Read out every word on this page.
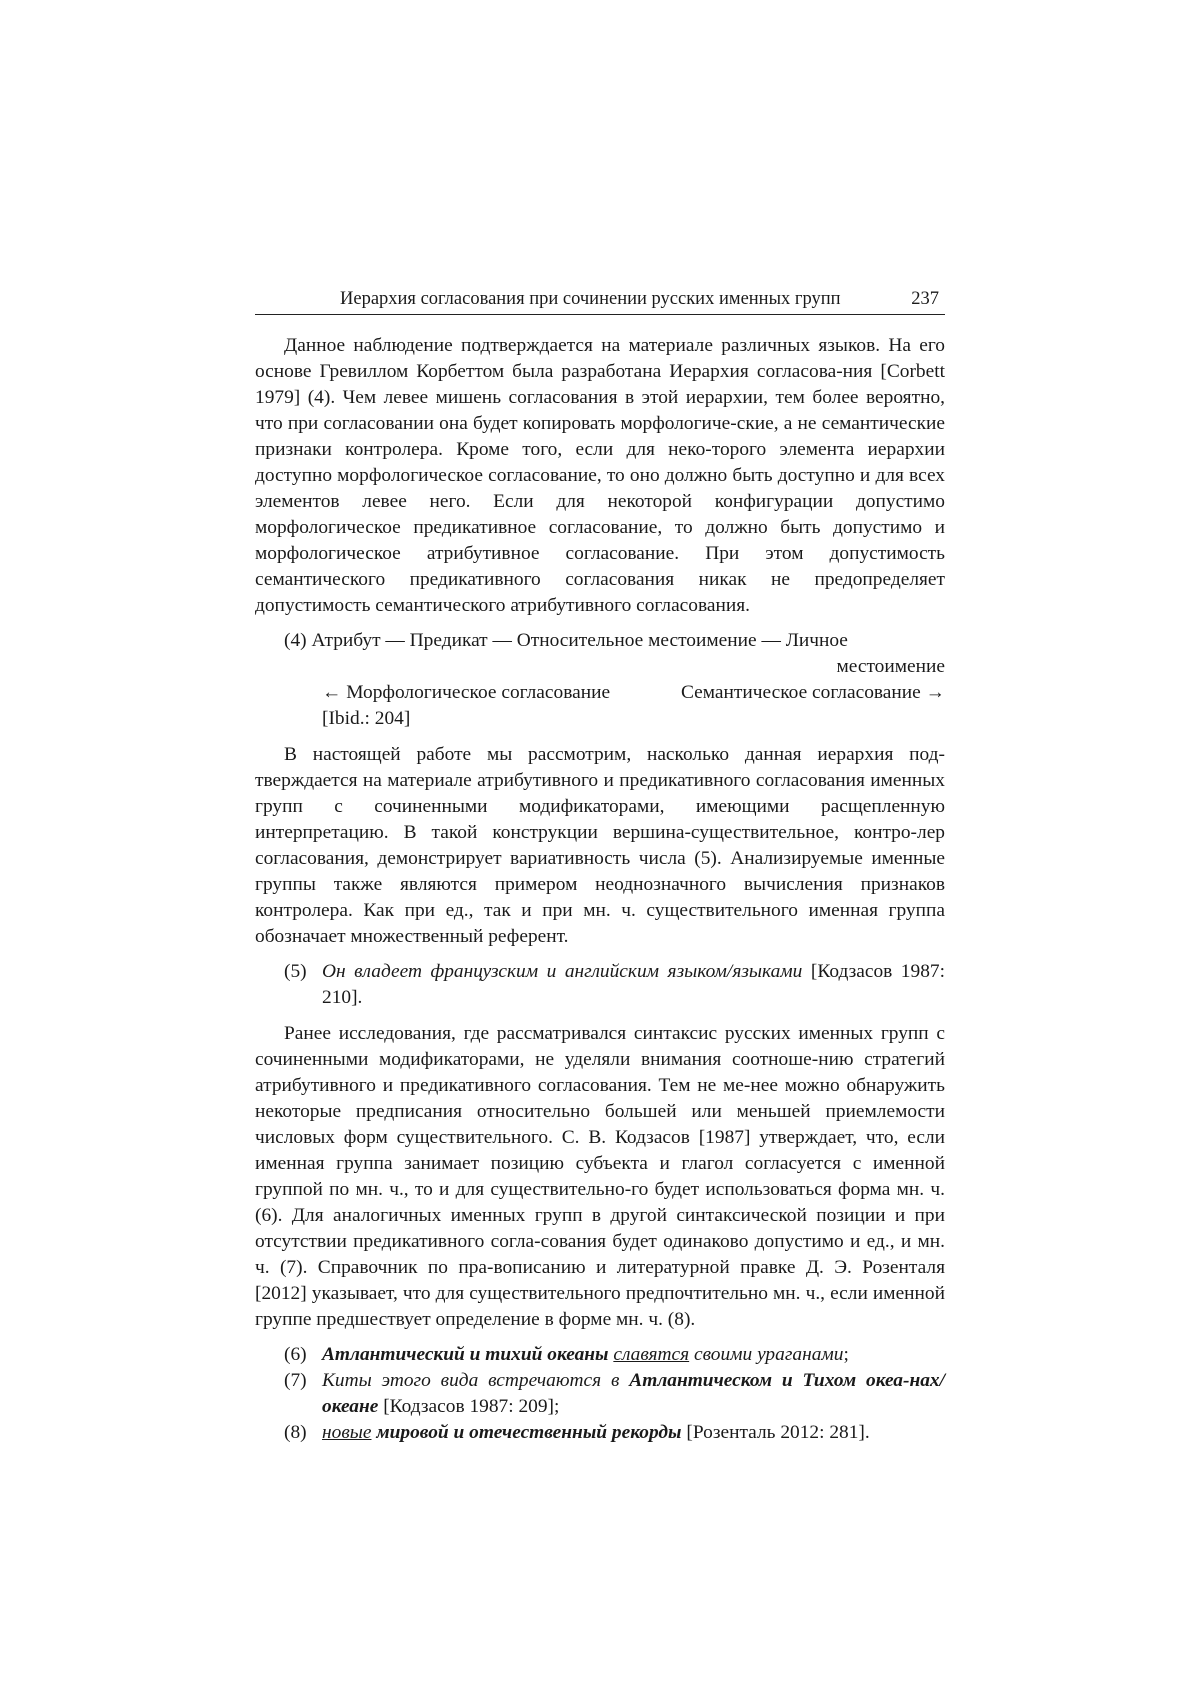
Иерархия согласования при сочинении русских именных групп	237

Данное наблюдение подтверждается на материале различных языков. На его основе Гревиллом Корбеттом была разработана Иерархия согласова-ния [Corbett 1979] (4). Чем левее мишень согласования в этой иерархии, тем более вероятно, что при согласовании она будет копировать морфологиче-ские, а не семантические признаки контролера. Кроме того, если для неко-торого элемента иерархии доступно морфологическое согласование, то оно должно быть доступно и для всех элементов левее него. Если для некоторой конфигурации допустимо морфологическое предикативное согласование, то должно быть допустимо и морфологическое атрибутивное согласование. При этом допустимость семантического предикативного согласования никак не предопределяет допустимость семантического атрибутивного согласования.

(4) Атрибут — Предикат — Относительное местоимение — Личное
местоимение
← Морфологическое согласование	Семантическое согласование →
[Ibid.: 204]

В настоящей работе мы рассмотрим, насколько данная иерархия под-тверждается на материале атрибутивного и предикативного согласования именных групп с сочиненными модификаторами, имеющими расщепленную интерпретацию. В такой конструкции вершина-существительное, контро-лер согласования, демонстрирует вариативность числа (5). Анализируемые именные группы также являются примером неоднозначного вычисления признаков контролера. Как при ед., так и при мн. ч. существительного именная группа обозначает множественный референт.

(5) Он владеет французским и английским языком/языками [Кодзасов 1987: 210].

Ранее исследования, где рассматривался синтаксис русских именных групп с сочиненными модификаторами, не уделяли внимания соотноше-нию стратегий атрибутивного и предикативного согласования. Тем не ме-нее можно обнаружить некоторые предписания относительно большей или меньшей приемлемости числовых форм существительного. С. В. Кодзасов [1987] утверждает, что, если именная группа занимает позицию субъекта и глагол согласуется с именной группой по мн. ч., то и для существительно-го будет использоваться форма мн. ч. (6). Для аналогичных именных групп в другой синтаксической позиции и при отсутствии предикативного согла-сования будет одинаково допустимо и ед., и мн. ч. (7). Справочник по пра-вописанию и литературной правке Д. Э. Розенталя [2012] указывает, что для существительного предпочтительно мн. ч., если именной группе предшествует определение в форме мн. ч. (8).

(6) Атлантический и тихий океаны славятся своими ураганами;
(7) Киты этого вида встречаются в Атлантическом и Тихом океа-нах/ океане [Кодзасов 1987: 209];
(8) новые мировой и отечественный рекорды [Розенталь 2012: 281].
